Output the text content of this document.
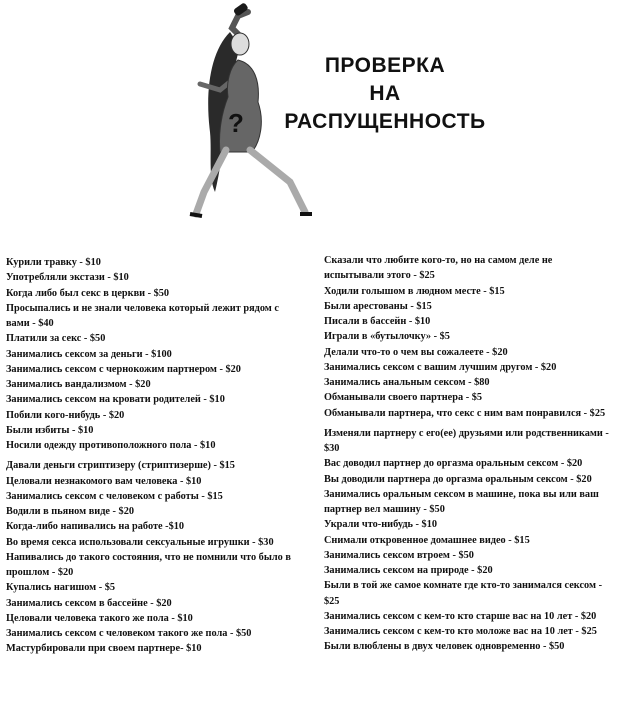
?
ПРОВЕРКА
НА
РАСПУЩЕННОСТЬ

Курили травку - $10

Употребляли экстази - $10

Когда либо был секс в церкви - $50

Просыпались и не знали человека который лежит рядом с вами - $40

Платили за секс - $50

Занимались сексом за деньги - $100

Занимались сексом с чернокожим партнером - $20

Занимались вандализмом - $20

Занимались сексом на кровати родителей - $10

Побили кого-нибудь - $20

Были избиты - $10

Носили одежду противоположного пола - $10

Давали деньги стриптизеру (стриптизерше) - $15

Целовали незнакомого вам человека - $10

Занимались сексом с человеком с работы - $15

Водили в пьяном виде - $20

Когда-либо напивались на работе -$10

Во время секса использовали сексуальные игрушки - $30

Напивались до такого состояния, что не помнили что было в прошлом - $20

Купались нагишом - $5

Занимались сексом в бассейне - $20

Целовали человека такого же пола - $10

Занимались сексом с человеком такого же пола - $50

Мастурбировали при своем партнере- $10

Сказали что любите кого-то, но на самом деле не испытывали этого - $25

Ходили голышом в людном месте - $15

Были арестованы - $15

Писали в бассейн - $10

Играли в «бутылочку» - $5

Делали что-то о чем вы сожалеете - $20

Занимались сексом с вашим лучшим другом - $20

Занимались анальным сексом - $80

Обманывали своего партнера - $5

Обманывали партнера, что секс с ним вам понравился - $25

Изменяли партнеру с его(ее) друзьями или родственниками - $30

Вас доводил партнер до оргазма оральным сексом - $20

Вы доводили партнера до оргазма оральным сексом - $20

Занимались оральным сексом в машине, пока вы или ваш партнер вел машину - $50

Украли что-нибудь - $10

Снимали откровенное домашнее видео - $15

Занимались сексом втроем - $50

Занимались сексом на природе - $20

Были в той же самое комнате где кто-то занимался сексом - $25

Занимались сексом с кем-то кто старше вас на 10 лет - $20

Занимались сексом с кем-то кто моложе вас на 10 лет - $25

Были влюблены в двух человек одновременно - $50
